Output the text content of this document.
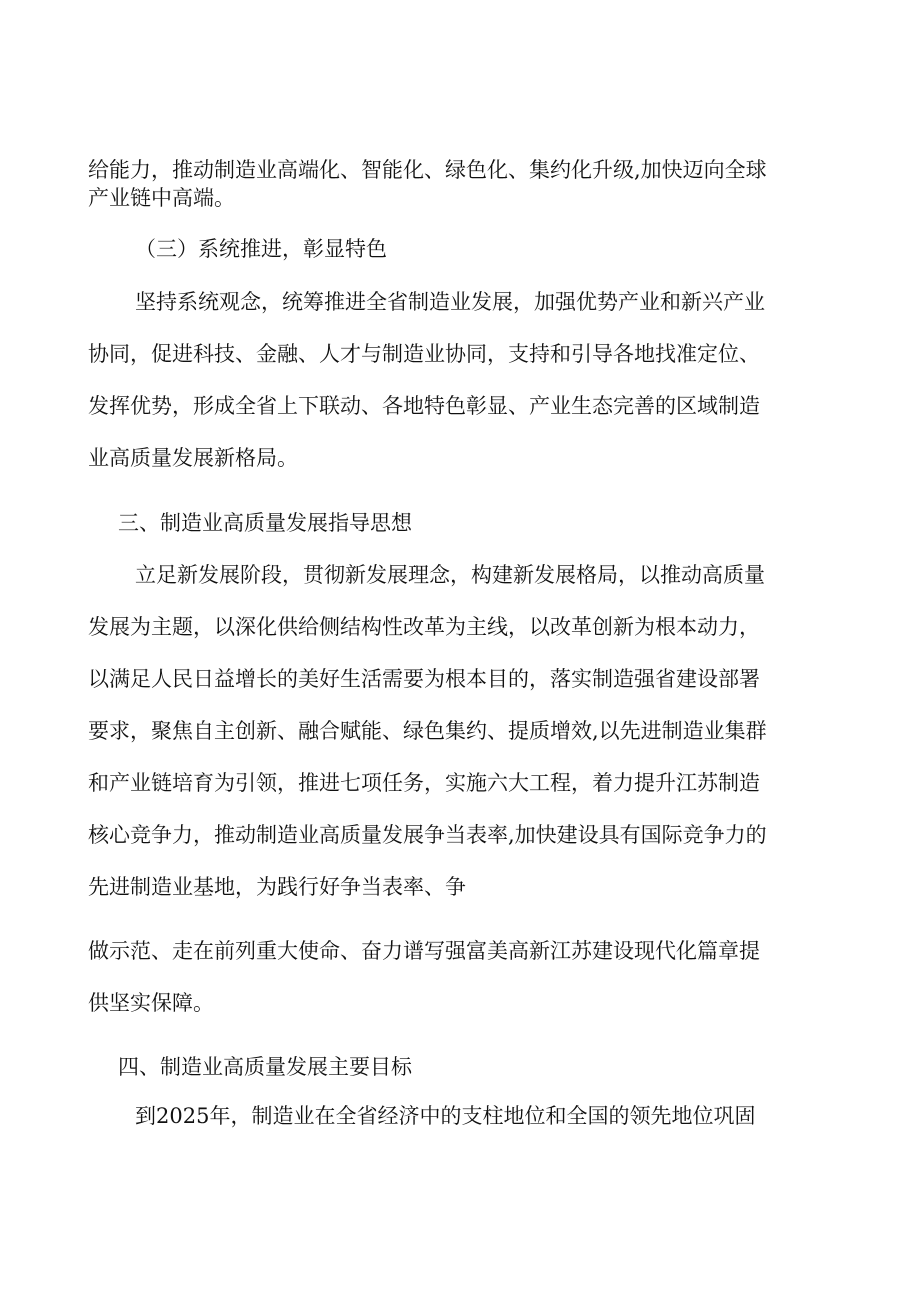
给能力，推动制造业高端化、智能化、绿色化、集约化升级,加快迈向全球
产业链中高端。
（三）系统推进，彰显特色
坚持系统观念，统筹推进全省制造业发展，加强优势产业和新兴产业
协同，促进科技、金融、人才与制造业协同，支持和引导各地找准定位、
发挥优势，形成全省上下联动、各地特色彰显、产业生态完善的区域制造
业高质量发展新格局。
三、制造业高质量发展指导思想
立足新发展阶段，贯彻新发展理念，构建新发展格局，以推动高质量
发展为主题，以深化供给侧结构性改革为主线，以改革创新为根本动力，
以满足人民日益增长的美好生活需要为根本目的，落实制造强省建设部署
要求，聚焦自主创新、融合赋能、绿色集约、提质增效,以先进制造业集群
和产业链培育为引领，推进七项任务，实施六大工程，着力提升江苏制造
核心竞争力，推动制造业高质量发展争当表率,加快建设具有国际竞争力的
先进制造业基地，为践行好争当表率、争
做示范、走在前列重大使命、奋力谱写强富美高新江苏建设现代化篇章提
供坚实保障。
四、制造业高质量发展主要目标
到2025年，制造业在全省经济中的支柱地位和全国的领先地位巩固
